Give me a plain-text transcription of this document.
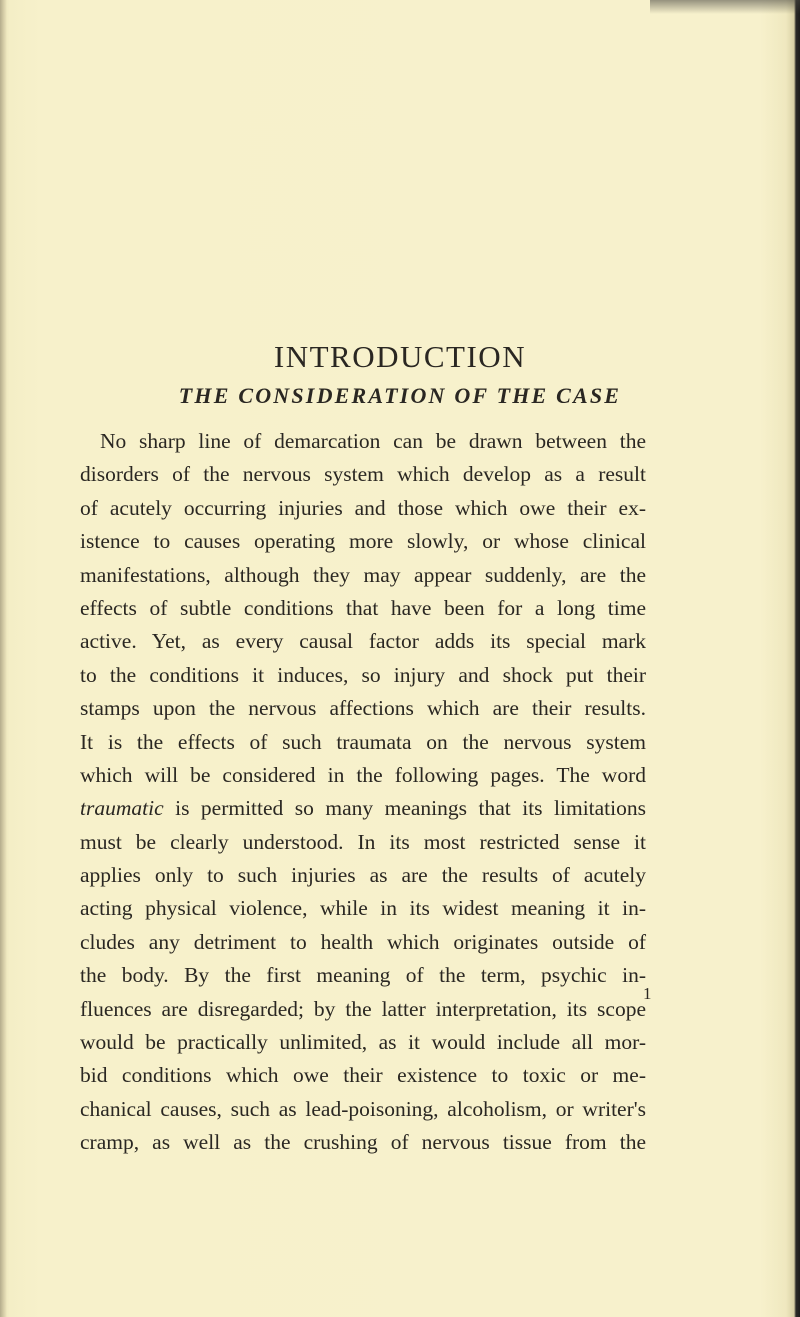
INTRODUCTION
THE CONSIDERATION OF THE CASE
No sharp line of demarcation can be drawn between the
disorders of the nervous system which develop as a result
of acutely occurring injuries and those which owe their ex-
istence to causes operating more slowly, or whose clinical
manifestations, although they may appear suddenly, are the
effects of subtle conditions that have been for a long time
active. Yet, as every causal factor adds its special mark
to the conditions it induces, so injury and shock put their
stamps upon the nervous affections which are their results.
It is the effects of such traumata on the nervous system
which will be considered in the following pages. The word
traumatic is permitted so many meanings that its limitations
must be clearly understood. In its most restricted sense it
applies only to such injuries as are the results of acutely
acting physical violence, while in its widest meaning it in-
cludes any detriment to health which originates outside of
the body. By the first meaning of the term, psychic in-
fluences are disregarded; by the latter interpretation, its scope
would be practically unlimited, as it would include all mor-
bid conditions which owe their existence to toxic or me-
chanical causes, such as lead-poisoning, alcoholism, or writer's
cramp, as well as the crushing of nervous tissue from the
1
